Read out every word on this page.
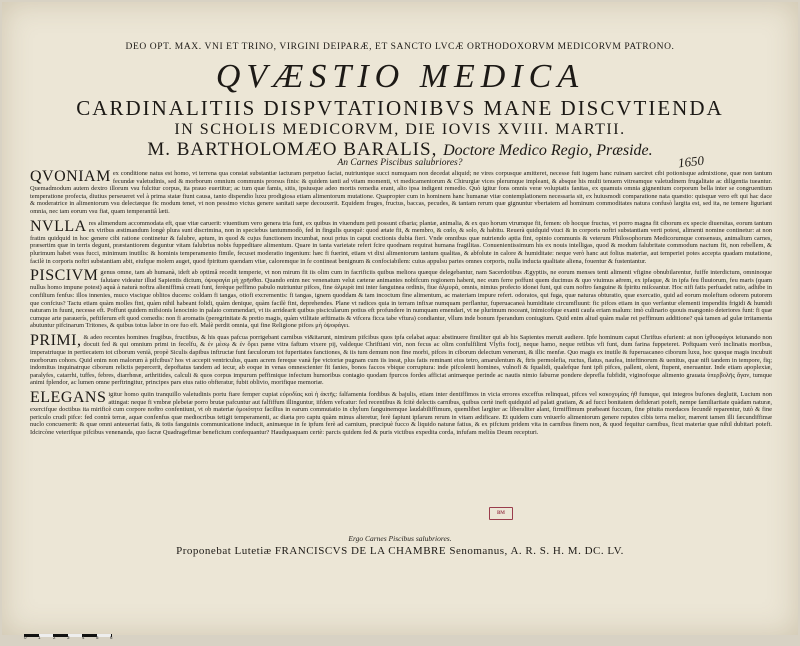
DEO OPT. MAX. VNI ET TRINO, VIRGINI DEIPARÆ, ET SANCTO LVCÆ ORTHODOXORVM MEDICORVM PATRONO.
QVÆSTIO MEDICA
CARDINALITIIS DISPVTATIONIBVS MANE DISCVTIENDA
IN SCHOLIS MEDICORVM, DIE IOVIS XVIII. MARTII.
M. BARTHOLOMÆO BARALIS, Doctore Medico Regio, Præside.
An Carnes Piscibus salubriores?	1650

QVONIAM ex conditione natus est homo, vt terrena qua constat substantiæ iacturam perpetuo faciat, nutriuntque succi numquam non decedat aliquid; ne vires corpusque amitteret, necesse fuit iugem hanc ruinam sarciret cibi potionisque admixtione, quæ non tantum fecundæ valetudinis, sed & morborum omnium communis prorsus finis: & quidem tanti ad vitam momenti, vt medicamentorum & Chirurgiæ vices plerumque impleant, & absque his multi tenuem vitreamque valetudinem frugalitate ac diligentia tueantur. Quemadmodum autem dextro illorum vsu fulcitur corpus, ita prauo euertitur; ac tum quæ famis, sitis, ipsiusque adeo mortis remedia erant, alio ipsa indigent remedio. Quò igitur fons omnis veræ voluptatis fanitas, ex quamuis omnia gignentium corporum bella inter se congruentium temperatione profecta, diutius perseueret vel à prima statæ fiunt causa, tanto dispendio luxu prodigiosa etiam alimentorum mutatione. Quapropter cum in hominem hanc humanæ vitæ contemplationem necessaria sit, ex huiusmodi comparatione nata quæstio: quisquæ vero eft qui hac dace & moderatrice in alimentorum vsu delectæque fic modum tenet, vt non pessimo victus genere sanitati sæpe decouxerit. Equidem fruges, fructus, baccas, pecudes, & tantam rerum quæ gignuntur vbertatem ad hominum commoditates natura confusò largita est, sed ita, ne temere liguriant omnia, nec tam eorum vsu fiat, quam temperantiâ læti.

NVLLA res alimendum accommodata eft, quæ vitæ caruerit: viuentium vero genera tria funt, ex quibus in viuendum peti possunt cibaria; plantæ, animalia, & ex quo horum vtrumque fit, femen: ob hocque fructus, vt porro magna fit ciborum ex specie diuersitas, eorum tantum ex viribus æstimandum longè plura sunt discrimina, non in speciebus tantummodò, fed in fingulis quoquè: quod ætate fit, & membro, & cœlo, & solo, & habitu. Reuerà quidquid viuci & in corporis noftri substantiam verti potest, alimenti nomine continetur: at non fratim quidquid in hoc genere cibi ratione continetur & falubre, aptum, in quod & cujus functionem incumbat, noui prius in caput coctionis dubia fieri. Vnde omnibus quæ nutriendo aptia fint, opinio communis & veterum Philosophorum Medicorumque consensus, animalium carnes, præsertim quæ in terris degunt, præstantiorem deguntur vitam falubrius nobis fuppeditare alimentum. Quare in tanta varietate refert fcire quodnam requirat humana fragilitas. Conuenientissimum his ex nouis intelligas, quod & modum falubritate commodum nactum fit, non rebellem, & plurimum habet vsus fucci, minimum inutilis: & hominis temperamento fimile, fecuset moderatio ingenium: hæc fi fuerint, etiam vt dixi alimentorum tantum qualitas, & abfolute in calore & humiditate: neque verò hanc aut folius materiæ, aut temperiei potes accepta quadam mutatione, facilè in corporis noftri substantiam abit, eiufque molem auget, quod fpiritum quendam vitæ, caloremque in fe contineat benignum & confociabilem: cuius appulsu partes omnes corporis, nulla inducta qualitate aliena, fouentur & fustentantur.

PISCIVM genus omne, tam ab humanà, ideft ab optimâ recedit temperie, vt non mirum fit iis olim cum in facrificiis quibus meliora quæque delegebantur, nam Sacerdotibus Ægyptiis, ne eorum menses tenti alimenti vfigine obnubilarentur, fuiffe interdictum, omninoque falutare videatur illud Sapientis dictum, ὀψοφαγία μὴ χρῆσθαι. Quando enim nec venenatum velut cæteræ animantes nobifcum regionem habent, nec eum ferre poffunt quem ducimus & quo viuimus aërem, ex ipfaque, & in ipfa feu fluuiorum, feu maris (quam nullus homo impune potest) aquà à naturà noftra alieniffimà creati funt, ferèque peffimo pabulo nutriuntur pifces, fine ἀλμυρὰ imi inter fanguinea ordinis, fiue ἀλμυρά, omnis, nimius profecto idonei funt, qui cum noftro fanguine & fpiritu miſceantur. Hoc nifi fatis perfuadet ratio, adhibe in confilium fenfus: illos innenies, muco viscique oblitos ducens: coldam fi tangas, otiofi excrementis: fi tangas, ignem quoddam & tam incoctum fine alimentum, ac materiam impure refert. odoratos, qui fuga, quæ naturas obturatio, quæ exercatio, quid ad eorum moleftum odorem putorem que confcius? Tactu etiam quàm molles fint, quàm nihil habeant folidi, quàm denique, quàm facilè fint, deprehendes. Plane vt radices quia in terram infixæ numquam perflantur, fuperuacaneà humiditate circumfluunt: fic pifces etiam in quo verfantur elementi impendiis frigidi & humidi naturam in fuunt, necesse eft. Poffunt quidem mifsionis lenocinio in palato commendari, vt iis arridearit quibus piscicularum potius eft profundere in numquam emendari, vt ne plurimum noceant, inimicofque exanti caufa eriam malum: imò culinario quouis mangonio deteriores funt: fi quæ cumque arte parauerís, peftiferum eft quod comedis: non fi aromatis (peregrinitate & pretio magis, quàm vtilitate æftimatis & vifcera ficca tabe vftura) condiantur, vllum inde bonum fperandum coniugium. Quid enim aliud quàm malæ rei peffimum additione? quà tamen ad gulæ irritamenta abutuntur pifcinarum Tritones, & quibus totus labor in ore fuo eft. Malè perdit omnia, qui fine Religione pifces μὴ ὀψοφάγει.

PRIMI, & adeo recentes homines frugibus, fructibus, & his quas pafcua porrigebant carnibus vi&itarunt, nimirum pifcibus quos ipfa celabat aqua: abstinuere fimiliter qui ab his Sapientes meruit audiere. Ipfe hominum caput Chriftus efurient: at non ἰχθυοφάγοι ieiunando non docuit fed & qui omnium primi in fecelfu, & ἐν μέσῳ & ἐν ὄρει pæne vitra faftum vixere pij, valdeque Chriftiani viri, non fecus ac olim confulfilimi Vlyfis focij, neque hamo, neque retibus vfi funt, dum farina fuppeteret. Poftquam verò inclinatis moribus, imperatriuque in pertiecatem tot ciborum venià, propè Siculis dapibus inftructæ funt fæculorum tot fuperitates fanctiones, & iis tum demum non fine morbi, pifces in ciborum delectum venerunt, & illic menfæ. Quo magis ex inutile & fuperuacaneo ciborum luxu, hoc quoque magis incubuit morborum cohors. Quid enim non malorum à pifcibus? hos vt accepit ventriculus, quam acrem fereque vanà fpe victoriæ pugnam cum iis ineat, plus fatis reminant eius tetro, amarulentum &, ftris permolefia, ructus, flatus, naufea, inteftinorum & uenitus, quæ nifi tandem in tempore, fiq; indomitus inquinatrque ciborum relictis pepercerit, depoftatus tandem ad iecur, ab eoque in venas omnescienter fit fanies, bonos faccos vbique corruptura: inde pifcolenti homines, vulnofi & fqualidi, qualefque funt ipfi pifces, pallent, olent, ftupent, eneruantur. Inde etiam apoplexiæ, paralyfes, catarrhi, tuffes, febres, diarrhœæ, arthritides, calculi & quos corpus impurum peffimique infectum humoribus contagio quodam fpurcos fordes afficiat animæque perinde ac nautis nimio faburræ pondere deprefla fubfidit, viginofoque alimento grauata ὑπερβολῆς ἄγαν, tumque animi fplendor, ac lumen omne perftringitur, principes pars eius ratio obfteratur, fubit oblivio, morifique memoriæ.

ELEGANS igitur homo quiin tranquillo valetudinis portu ftare femper cupiat εὐροδίας καὶ ἡ ἀκτῆς: falfamenta fordibus & bajulis, etiam inter dentiffimos in vicia errores exceffus relinquat, pifces vel κακοχυμίας ἠθ fumque, qui integros bufones deglutit, Lucium non attingat: neque fi vmbræ plebeiæ porro brutæ pafcuntur aut falfiffum illinguntur, iifdem vefcatur: fed recentibus & fcitè delectis carnibus, quibus certè ineft quidquid ad palati gratiam, & ad fucci bonitatem defiderari poteft, nempe familiaritate quàdam naturæ, exercifque doctibus ita mirificè cum corpore noftro confentiunt, vt ob materiæ ὁμοιότητα facilius in earum commutatio in chylum fanguinemque laudabiliffimum, quemlibet largiter ac liberaliter alant, firmiffimum præbeant fuccum, fine pituita mordaces fecundè reparentur, tutò & fine periculo crudi pifce: fed contrà terræ, aquæ confenfus quæ mediocribus tetigit temperamenti, ac diæta pro captu quàm minus alteretur, ferè fapiunt ipfarum rerum in vitam ædificare. Et quidem cum vniuerfo alimentorum genere reputes cibis terra melior, mærent tamen illi fæcundiffimæ nuclo concuenerit: & quæ omni anteuertat fatis, & totis fanguinis communicatione inducit, animæque in fe ipfum ferè ad carnium, præcipuè fucco & liquido naturæ fatius, & ex pifcium pridem vita in carnibus finem non, & quod fequitur carnibus, ficut materiæ quæ nihil dubitari poteft. Idcircòne veterifque pifcibus venenanda, quo facræ Quadragefimæ beneficium confequantur? Haudquaquam certè: parcis quidem fed & puris victibus expedita corda, infufam meliùs Deum recepturi.

BM
Ergo Carnes Piscibus salubriores.
Proponebat Lutetiæ FRANCISCVS DE LA CHAMBRE Senomanus, A. R. S. H. M. DC. LV.
0	1	2	3	4	5	6
